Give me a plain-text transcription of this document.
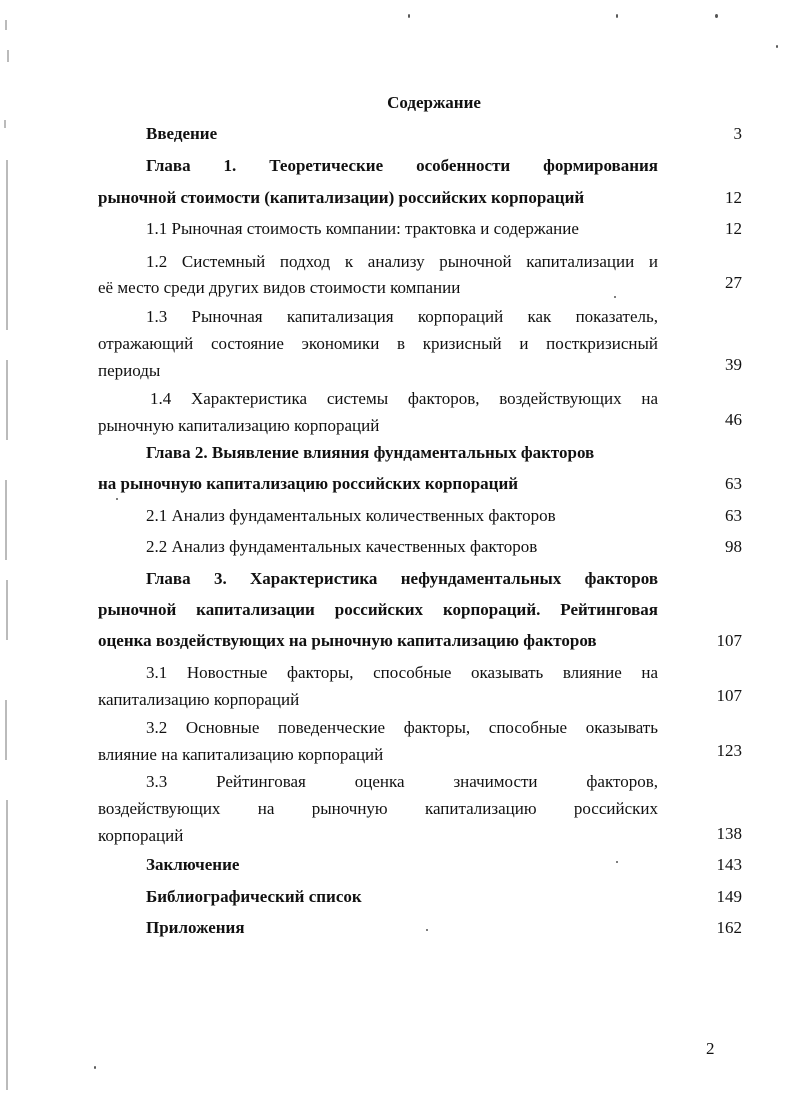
Содержание
Введение	3
Глава 1. Теоретические особенности формирования
рыночной стоимости (капитализации) российских корпораций	12
1.1 Рыночная стоимость компании: трактовка и содержание	12
1.2 Системный подход к анализу рыночной капитализации и
её место среди других видов стоимости компании	27
1.3 Рыночная капитализация корпораций как показатель,
отражающий состояние экономики в кризисный и посткризисный
периоды	39
1.4 Характеристика системы факторов, воздействующих на
рыночную капитализацию корпораций	46
Глава 2. Выявление влияния фундаментальных факторов
на рыночную капитализацию российских корпораций	63
2.1 Анализ фундаментальных количественных факторов	63
2.2 Анализ фундаментальных качественных факторов	98
Глава 3. Характеристика нефундаментальных факторов
рыночной капитализации российских корпораций. Рейтинговая
оценка воздействующих на рыночную капитализацию факторов	107
3.1 Новостные факторы, способные оказывать влияние на
капитализацию корпораций	107
3.2 Основные поведенческие факторы, способные оказывать
влияние на капитализацию корпораций	123
3.3	Рейтинговая	оценка	значимости	факторов,
воздействующих на рыночную капитализацию российских
корпораций	138
Заключение	143
Библиографический список	149
Приложения	162
2
